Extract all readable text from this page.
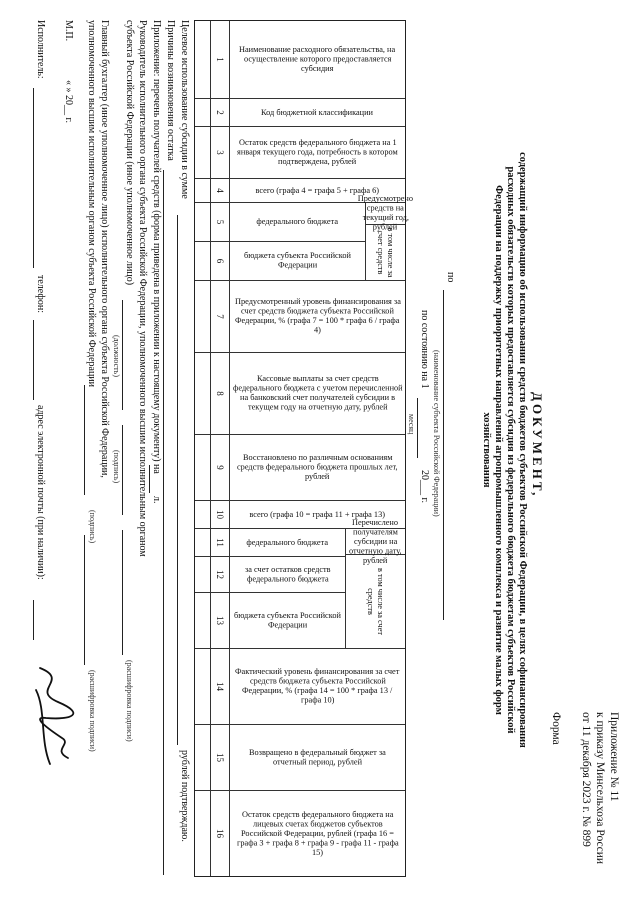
Приложение № 11
к приказу Минсельхоза России
от 11 декабря 2023 г. № 899
Форма
ДОКУМЕНТ,
содержащий информацию об использовании средств бюджетов субъектов Российской Федерации, в целях софинансирования расходных обязательств которых предоставляется субсидия из федерального бюджета бюджетам субъектов Российской Федерации на поддержку приоритетных направлений агропромышленного комплекса и развитие малых форм хозяйствования
по
(наименование субъекта Российской Федерации)
по состоянию на 1
20___ г.
месяц
Наименование расходного обязательства, на осуществление которого предоставляется субсидия
Код бюджетной классификации
Остаток средств федерального бюджета на 1 января текущего года, потребность в котором подтверждена, рублей
всего (графа 4 = графа 5 + графа 6)
Предусмотрено средств на текущий год, рублей
в том числе за счет средств
федерального бюджета
бюджета субъекта Российской Федерации
Предусмотренный уровень финансирования за счет средств бюджета субъекта Российской Федерации, % (графа 7 = 100 * графа 6 / графа 4)
Кассовые выплаты за счет средств федерального бюджета с учетом перечисленной на банковский счет получателей субсидии в текущем году на отчетную дату, рублей
Восстановлено по различным основаниям средств федерального бюджета прошлых лет, рублей
всего (графа 10 = графа 11 + графа 13)
Перечислено получателям субсидии на отчетную дату, рублей
в том числе за счет средств
федерального бюджета
за счет остатков средств федерального бюджета
бюджета субъекта Российской Федерации
Фактический уровень финансирования за счет средств бюджета субъекта Российской Федерации, % (графа 14 = 100 * графа 13 / графа 10)
Возвращено в федеральный бюджет за отчетный период, рублей
Остаток средств федерального бюджета на лицевых счетах бюджетов субъектов Российской Федерации, рублей (графа 16 = графа 3 + графа 8 + графа 9 - графа 11 - графа 15)
1
2
3
4
5
6
7
8
9
10
11
12
13
14
15
16
Целевое использование субсидии в сумме
рублей подтверждаю.
Причины возникновения остатка
Приложение: перечень получателей средств (форма приведена в приложении к настоящему документу) на
л.
Руководитель исполнительного органа субъекта Российской Федерации, уполномоченного высшим исполнительным органом
субъекта Российской Федерации (иное уполномоченное лицо)
(должность)
(подпись)
(расшифровка подписи)
Главный бухгалтер (иное уполномоченное лицо) исполнительного органа субъекта Российской Федерации,
уполномоченного высшим исполнительным органом субъекта Российской Федерации
(подпись)
(расшифровка подписи)
М.П.
« » 20__ г.
Исполнитель:
телефон:
адрес электронной почты (при наличии):
